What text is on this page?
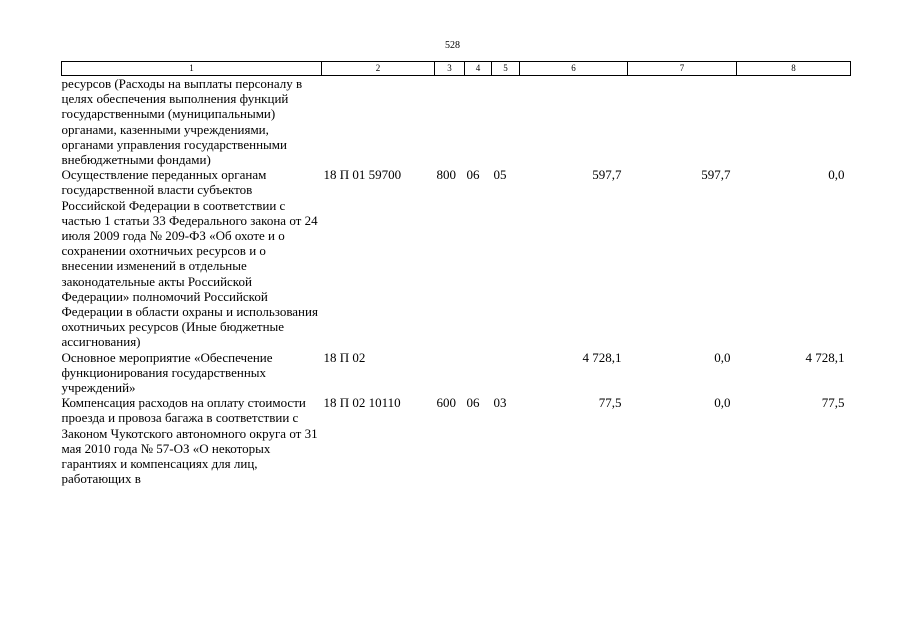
528
1	2	3	4	5	6	7	8
ресурсов (Расходы на выплаты персоналу в целях обеспечения выполнения функций государственными (муниципальными) органами, казенными учреждениями, органами управления государственными внебюджетными фондами)							
Осуществление переданных органам государственной власти субъектов Российской Федерации в соответствии с частью 1 статьи 33 Федерального закона от 24 июля 2009 года № 209-ФЗ «Об охоте и о сохранении охотничьих ресурсов и о внесении изменений в отдельные законодательные акты Российской Федерации» полномочий Российской Федерации в области охраны и использования охотничьих ресурсов (Иные бюджетные ассигнования)	18 П 01 59700	800	06	05	597,7	597,7	0,0
Основное мероприятие «Обеспечение функционирования государственных учреждений»	18 П 02				4 728,1	0,0	4 728,1
Компенсация расходов на оплату стоимости проезда и провоза багажа в соответствии с Законом Чукотского автономного округа от 31 мая 2010 года № 57-ОЗ «О некоторых гарантиях и компенсациях для лиц, работающих в	18 П 02 10110	600	06	03	77,5	0,0	77,5
